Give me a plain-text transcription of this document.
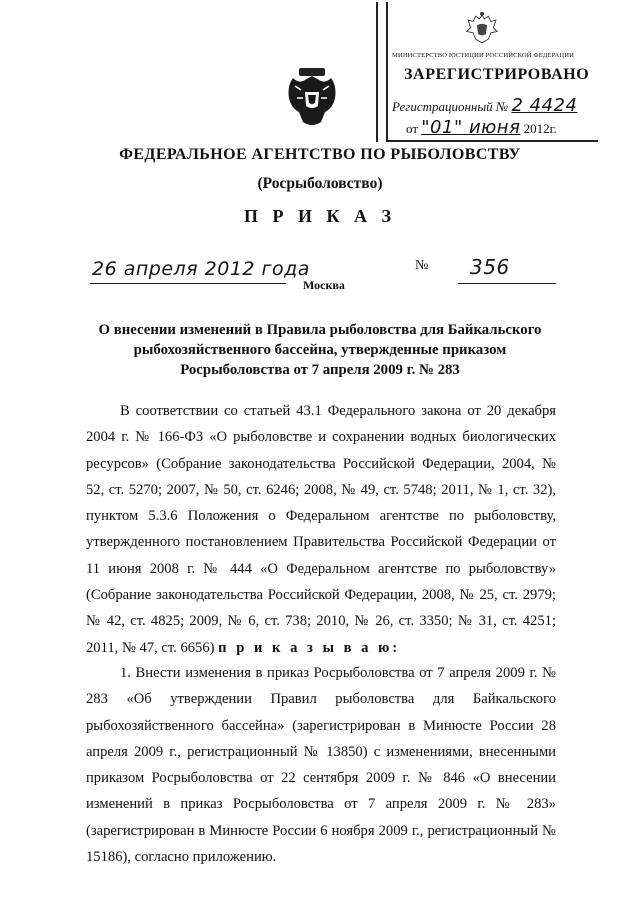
МИНИСТЕРСТВО ЮСТИЦИИ РОССИЙСКОЙ ФЕДЕРАЦИИ
ЗАРЕГИСТРИРОВАНО
Регистрационный № 2 4424
от "01" июня 2012г.
ФЕДЕРАЛЬНОЕ АГЕНТСТВО ПО РЫБОЛОВСТВУ
(Росрыболовство)
П Р И К А З
26 апреля 2012 года
Москва
№ 356
О внесении изменений в Правила рыболовства для Байкальского рыбохозяйственного бассейна, утвержденные приказом Росрыболовства от 7 апреля 2009 г. № 283

В соответствии со статьей 43.1 Федерального закона от 20 декабря 2004 г. № 166-ФЗ «О рыболовстве и сохранении водных биологических ресурсов» (Собрание законодательства Российской Федерации, 2004, № 52, ст. 5270; 2007, № 50, ст. 6246; 2008, № 49, ст. 5748; 2011, № 1, ст. 32), пунктом 5.3.6 Положения о Федеральном агентстве по рыболовству, утвержденного постановлением Правительства Российской Федерации от 11 июня 2008 г. № 444 «О Федеральном агентстве по рыболовству» (Собрание законодательства Российской Федерации, 2008, № 25, ст. 2979; № 42, ст. 4825; 2009, № 6, ст. 738; 2010, № 26, ст. 3350; № 31, ст. 4251; 2011, № 47, ст. 6656) п р и к а з ы в а ю:

1. Внести изменения в приказ Росрыболовства от 7 апреля 2009 г. № 283 «Об утверждении Правил рыболовства для Байкальского рыбохозяйственного бассейна» (зарегистрирован в Минюсте России 28 апреля 2009 г., регистрационный № 13850) с изменениями, внесенными приказом Росрыболовства от 22 сентября 2009 г. № 846 «О внесении изменений в приказ Росрыболовства от 7 апреля 2009 г. № 283» (зарегистрирован в Минюсте России 6 ноября 2009 г., регистрационный № 15186), согласно приложению.
